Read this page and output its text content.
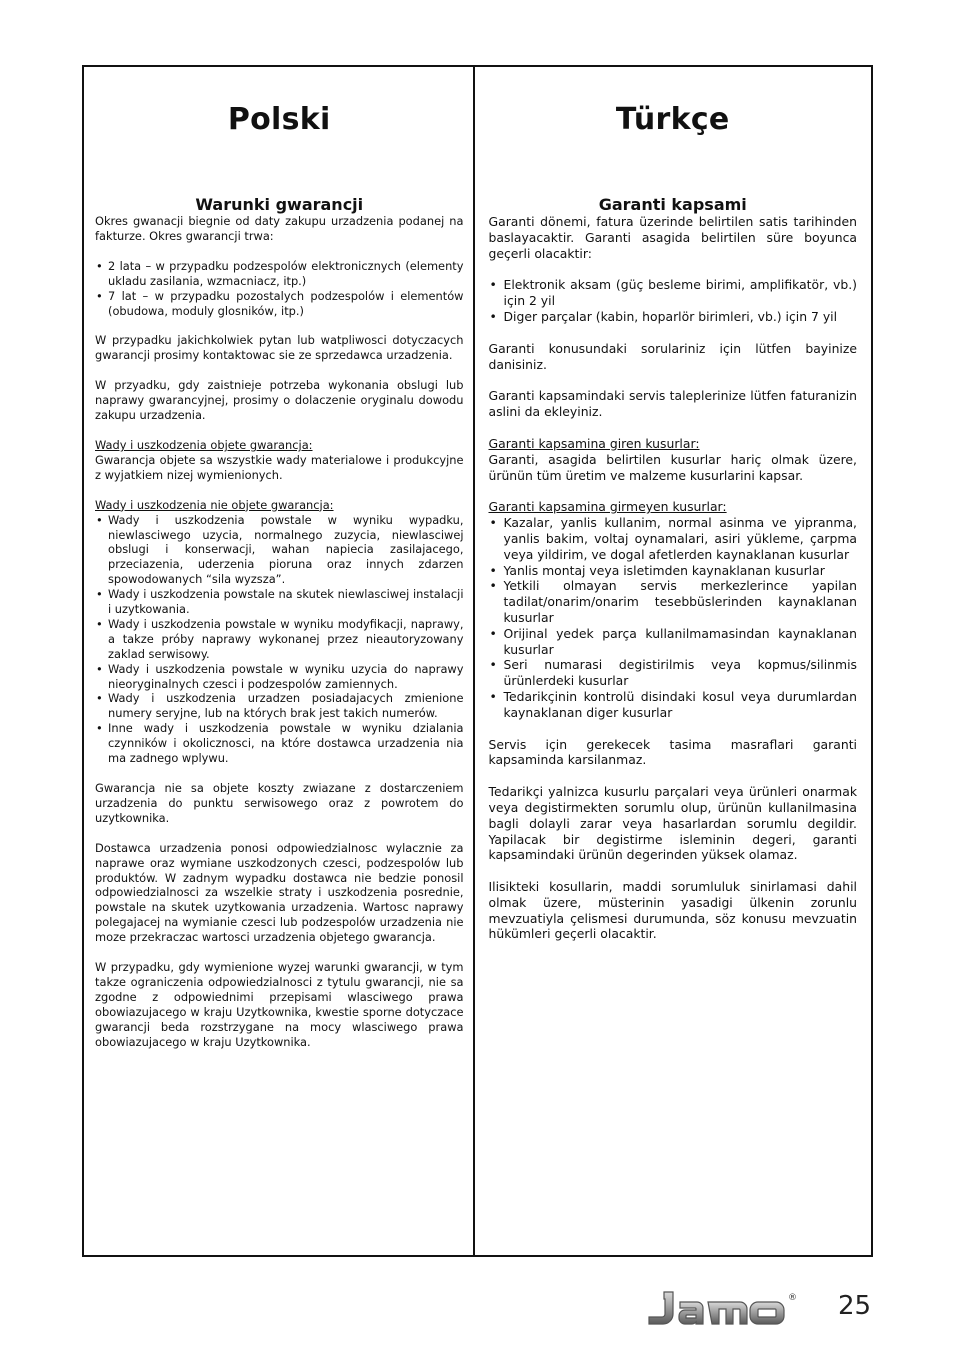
Polski
Warunki gwarancji
Okres gwanacji biegnie od daty zakupu urzadzenia podanej na fakturze. Okres gwarancji trwa:
• 2 lata – w przypadku podzespolów elektronicznych (elementy ukladu zasilania, wzmacniacz, itp.)
• 7 lat – w przypadku pozostalych podzespolów i elementów (obudowa, moduly glosników, itp.)
W przypadku jakichkolwiek pytan lub watpliwosci dotyczacych gwarancji prosimy kontaktowac sie ze sprzedawca urzadzenia.
W przyadku, gdy zaistnieje potrzeba wykonania obslugi lub naprawy gwarancyjnej, prosimy o dolaczenie oryginalu dowodu zakupu urzadzenia.
Wady i uszkodzenia objete gwarancja:
Gwarancja objete sa wszystkie wady materialowe i produkcyjne z wyjatkiem nizej wymienionych.
Wady i uszkodzenia nie objete gwarancja:
• Wady i uszkodzenia powstale w wyniku wypadku, niewlasciwego uzycia, normalnego zuzycia, niewlasciwej obslugi i konserwacji, wahan napiecia zasilajacego, przeciazenia, uderzenia pioruna oraz innych zdarzen spowodowanych “sila wyzsza”.
• Wady i uszkodzenia powstale na skutek niewlasciwej instalacji i uzytkowania.
• Wady i uszkodzenia powstale w wyniku modyfikacji, naprawy, a takze próby naprawy wykonanej przez nieautoryzowany zaklad serwisowy.
• Wady i uszkodzenia powstale w wyniku uzycia do naprawy nieoryginalnych czesci i podzespolów zamiennych.
• Wady i uszkodzenia urzadzen posiadajacych zmienione numery seryjne, lub na których brak jest takich numerów.
• Inne wady i uszkodzenia powstale w wyniku dzialania czynników i okolicznosci, na które dostawca urzadzenia nia ma zadnego wplywu.
Gwarancja nie sa objete koszty zwiazane z dostarczeniem urzadzenia do punktu serwisowego oraz z powrotem do uzytkownika.
Dostawca urzadzenia ponosi odpowiedzialnosc wylacznie za naprawe oraz wymiane uszkodzonych czesci, podzespolów lub produktów. W zadnym wypadku dostawca nie bedzie ponosil odpowiedzialnosci za wszelkie straty i uszkodzenia posrednie, powstale na skutek uzytkowania urzadzenia. Wartosc naprawy polegajacej na wymianie czesci lub podzespolów urzadzenia nie moze przekraczac wartosci urzadzenia objetego gwarancja.
W przypadku, gdy wymienione wyzej warunki gwarancji, w tym takze ograniczenia odpowiedzialnosci z tytulu gwarancji, nie sa zgodne z odpowiednimi przepisami wlasciwego prawa obowiazujacego w kraju Uzytkownika, kwestie sporne dotyczace gwarancji beda rozstrzygane na mocy wlasciwego prawa obowiazujacego w kraju Uzytkownika.
Türkçe
Garanti kapsami
Garanti dönemi, fatura üzerinde belirtilen satis tarihinden baslayacaktir. Garanti asagida belirtilen süre boyunca geçerli olacaktir:
• Elektronik aksam (güç besleme birimi, amplifikatör, vb.) için 2 yil
• Diger parçalar (kabin, hoparlör birimleri, vb.) için 7 yil
Garanti konusundaki sorulariniz için lütfen bayinize danisiniz.
Garanti kapsamindaki servis taleplerinize lütfen faturanizin aslini da ekleyiniz.
Garanti kapsamina giren kusurlar:
Garanti, asagida belirtilen kusurlar hariç olmak üzere, ürünün tüm üretim ve malzeme kusurlarini kapsar.
Garanti kapsamina girmeyen kusurlar:
• Kazalar, yanlis kullanim, normal asinma ve yipranma, yanlis bakim, voltaj oynamalari, asiri yükleme, çarpma veya yildirim, ve dogal afetlerden kaynaklanan kusurlar
• Yanlis montaj veya isletimden kaynaklanan kusurlar
• Yetkili olmayan servis merkezlerince yapilan tadilat/onarim/onarim tesebbüslerinden kaynaklanan kusurlar
• Orijinal yedek parça kullanilmamasindan kaynaklanan kusurlar
• Seri numarasi degistirilmis veya kopmus/silinmis ürünlerdeki kusurlar
• Tedarikçinin kontrolü disindaki kosul veya durumlardan kaynaklanan diger kusurlar
Servis için gerekecek tasima masraflari garanti kapsaminda karsilanmaz.
Tedarikçi yalnizca kusurlu parçalari veya ürünleri onarmak veya degistirmekten sorumlu olup, ürünün kullanilmasina bagli dolayli zarar veya hasarlardan sorumlu degildir. Yapilacak bir degistirme isleminin degeri, garanti kapsamindaki ürünün degerinden yüksek olamaz.
Ilisikteki kosullarin, maddi sorumluluk sinirlamasi dahil olmak üzere, müsterinin yasadigi ülkenin zorunlu mevzuatiyla çelismesi durumunda, söz konusu mevzuatin hükümleri geçerli olacaktir.
® 25
